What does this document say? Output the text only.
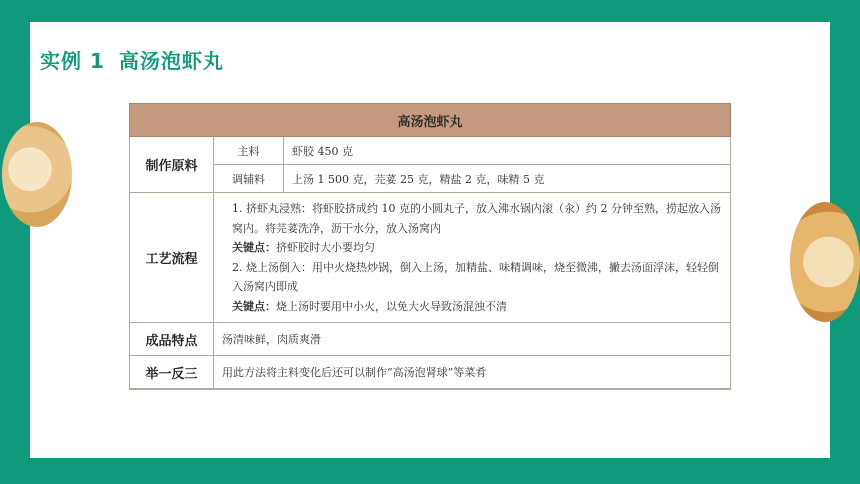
实例 1 高汤泡虾丸
高汤泡虾丸		
制作原料	主料	虾胶 450 克
	调辅料	上汤 1 500 克，芫荽 25 克，精盐 2 克，味精 5 克
工艺流程	1. 挤虾丸浸熟：将虾胶挤成约 10 克的小圆丸子，放入沸水锅内滚（汆）约 2 分钟至熟，捞起放入汤窝内。将芫荽洗净，沥干水分，放入汤窝内
关键点：挤虾胶时大小要均匀
2. 烧上汤倒入：用中火烧热炒锅，倒入上汤，加精盐、味精调味，烧至微沸，撇去汤面浮沫，轻轻倒入汤窝内即成
关键点：烧上汤时要用中小火，以免大火导致汤混浊不清	

成品特点	汤清味鲜，肉质爽滑	
举一反三	用此方法将主料变化后还可以制作“高汤泡肾球”等菜肴	
